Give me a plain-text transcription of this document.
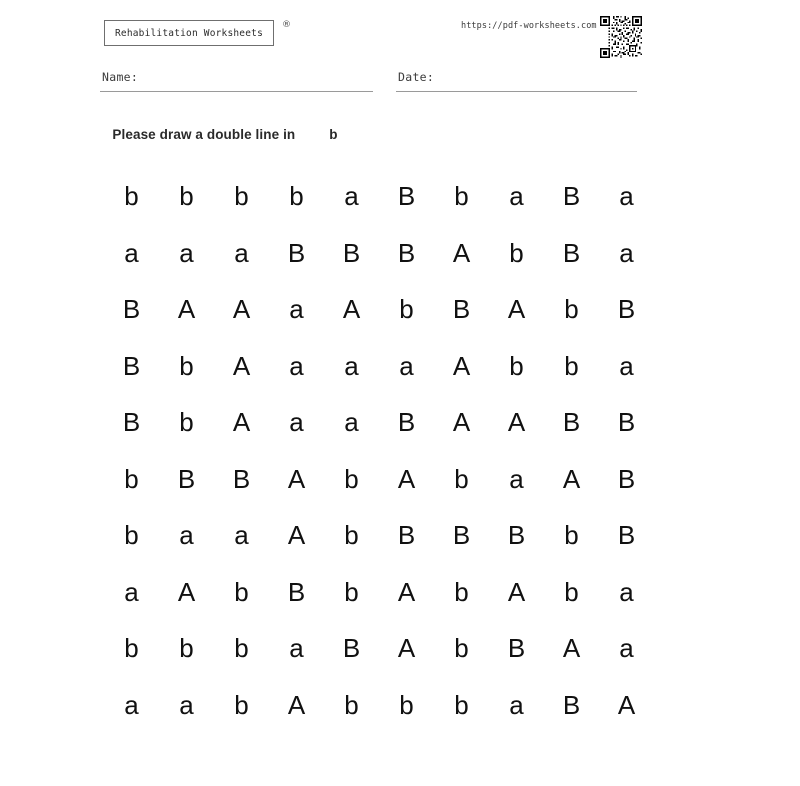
Rehabilitation Worksheets
®	https://pdf-worksheets.com
Name:	Date:

Please draw a double line in	b

b	b	b	b	a	B	b	a	B	a
a	a	a	B	B	B	A	b	B	a
B	A	A	a	A	b	B	A	b	B
B	b	A	a	a	a	A	b	b	a
B	b	A	a	a	B	A	A	B	B
b	B	B	A	b	A	b	a	A	B
b	a	a	A	b	B	B	B	b	B
a	A	b	B	b	A	b	A	b	a
b	b	b	a	B	A	b	B	A	a
a	a	b	A	b	b	b	a	B	A
